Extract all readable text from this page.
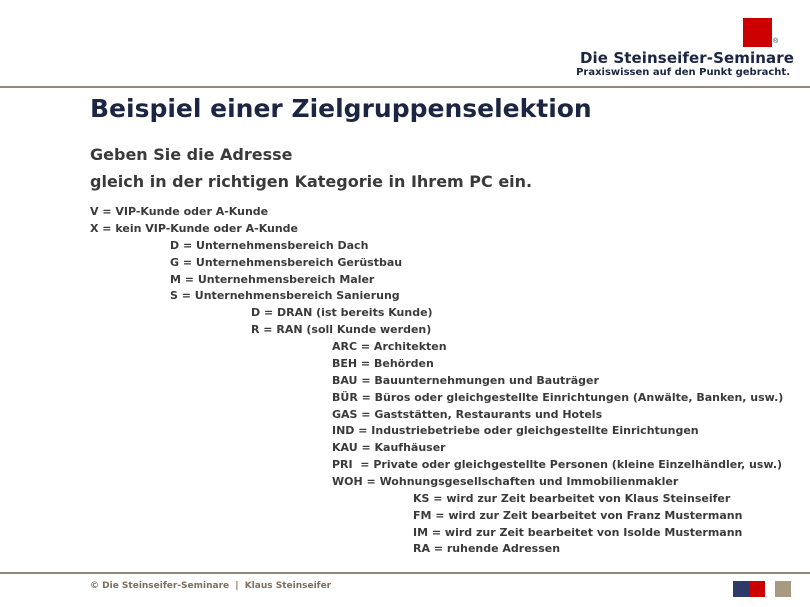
®
Die Steinseifer-Seminare
Praxiswissen auf den Punkt gebracht.
Beispiel einer Zielgruppenselektion
Geben Sie die Adresse
gleich in der richtigen Kategorie in Ihrem PC ein.
V = VIP-Kunde oder A-Kunde
X = kein VIP-Kunde oder A-Kunde
D = Unternehmensbereich Dach
G = Unternehmensbereich Gerüstbau
M = Unternehmensbereich Maler
S = Unternehmensbereich Sanierung
D = DRAN (ist bereits Kunde)
R = RAN (soll Kunde werden)
ARC = Architekten
BEH = Behörden
BAU = Bauunternehmungen und Bauträger
BÜR = Büros oder gleichgestellte Einrichtungen (Anwälte, Banken, usw.)
GAS = Gaststätten, Restaurants und Hotels
IND = Industriebetriebe oder gleichgestellte Einrichtungen
KAU = Kaufhäuser
PRI  = Private oder gleichgestellte Personen (kleine Einzelhändler, usw.)
WOH = Wohnungsgesellschaften und Immobilienmakler
KS = wird zur Zeit bearbeitet von Klaus Steinseifer
FM = wird zur Zeit bearbeitet von Franz Mustermann
IM = wird zur Zeit bearbeitet von Isolde Mustermann
RA = ruhende Adressen
© Die Steinseifer-Seminare | Klaus Steinseifer
